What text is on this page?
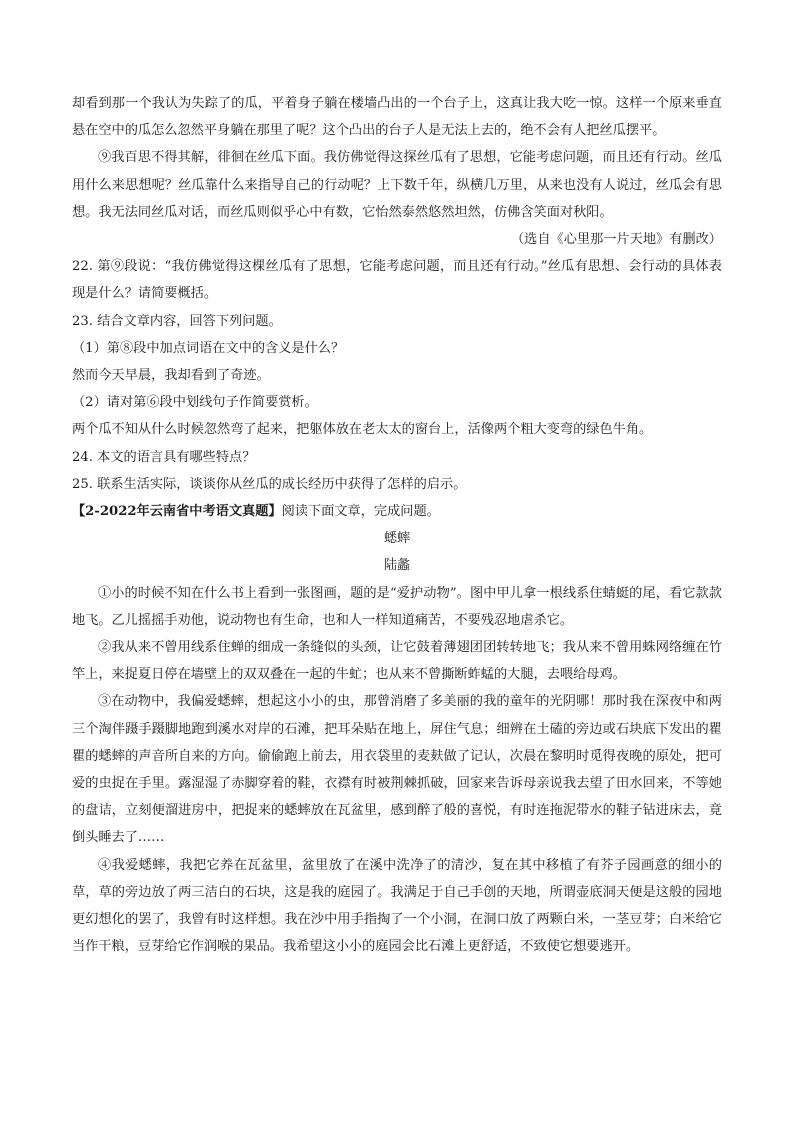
却看到那一个我认为失踪了的瓜，平着身子躺在楼墙凸出的一个台子上，这真让我大吃一惊。这样一个原来垂直悬在空中的瓜怎么忽然平身躺在那里了呢？这个凸出的台子人是无法上去的，绝不会有人把丝瓜摆平。

⑨我百思不得其解，徘徊在丝瓜下面。我仿佛觉得这探丝瓜有了思想，它能考虑问题，而且还有行动。丝瓜用什么来思想呢？丝瓜靠什么来指导自己的行动呢？上下数千年，纵横几万里，从来也没有人说过，丝瓜会有思想。我无法同丝瓜对话，而丝瓜则似乎心中有数，它怡然泰然悠然坦然，仿佛含笑面对秋阳。

（选自《心里那一片天地》有删改）

22. 第⑨段说：“我仿佛觉得这棵丝瓜有了思想，它能考虑问题，而且还有行动。”丝瓜有思想、会行动的具体表现是什么？请简要概括。

23. 结合文章内容，回答下列问题。

（1）第⑧段中加点词语在文中的含义是什么？

然而今天早晨，我却看到了奇迹。

（2）请对第⑥段中划线句子作简要赏析。

两个瓜不知从什么时候忽然弯了起来，把躯体放在老太太的窗台上，活像两个粗大变弯的绿色牛角。

24. 本文的语言具有哪些特点？

25. 联系生活实际，谈谈你从丝瓜的成长经历中获得了怎样的启示。

【2-2022年云南省中考语文真题】阅读下面文章，完成问题。

蟋蟀

陆蠡

①小的时候不知在什么书上看到一张图画，题的是“爱护动物”。图中甲儿拿一根线系住蜻蜓的尾，看它款款地飞。乙儿摇摇手劝他，说动物也有生命，也和人一样知道痛苦，不要残忍地虐杀它。

②我从来不曾用线系住蝉的细成一条缝似的头颈，让它鼓着薄翅团团转转地飞；我从来不曾用蛛网络缠在竹竿上，来捉夏日停在墙壁上的双双叠在一起的牛虻；也从来不曾撕断蚱蜢的大腿，去喂给母鸡。

③在动物中，我偏爱蟋蟀，想起这小小的虫，那曾消磨了多美丽的我的童年的光阴哪！那时我在深夜中和两三个淘伴蹑手蹑脚地跑到溪水对岸的石滩，把耳朵贴在地上，屏住气息；细辨在土磕的旁边或石块底下发出的瞿瞿的蟋蟀的声音所自来的方向。偷偷跑上前去，用衣袋里的麦麸做了记认，次晨在黎明时觅得夜晚的原处，把可爱的虫捉在手里。露湿湿了赤脚穿着的鞋，衣襟有时被荆棘抓破，回家来告诉母亲说我去望了田水回来，不等她的盘诘，立刻便溜进房中，把捉来的蟋蟀放在瓦盆里，感到醉了般的喜悦，有时连拖泥带水的鞋子钻进床去，竟倒头睡去了……

④我爱蟋蟀，我把它养在瓦盆里，盆里放了在溪中洗净了的清沙，复在其中移植了有芥子园画意的细小的草，草的旁边放了两三洁白的石块，这是我的庭园了。我满足于自己手创的天地，所谓壶底洞天便是这般的园地更幻想化的罢了，我曾有时这样想。我在沙中用手指掏了一个小洞，在洞口放了两颗白米，一茎豆芽；白米给它当作干粮，豆芽给它作润喉的果品。我希望这小小的庭园会比石滩上更舒适，不致使它想要逃开。
